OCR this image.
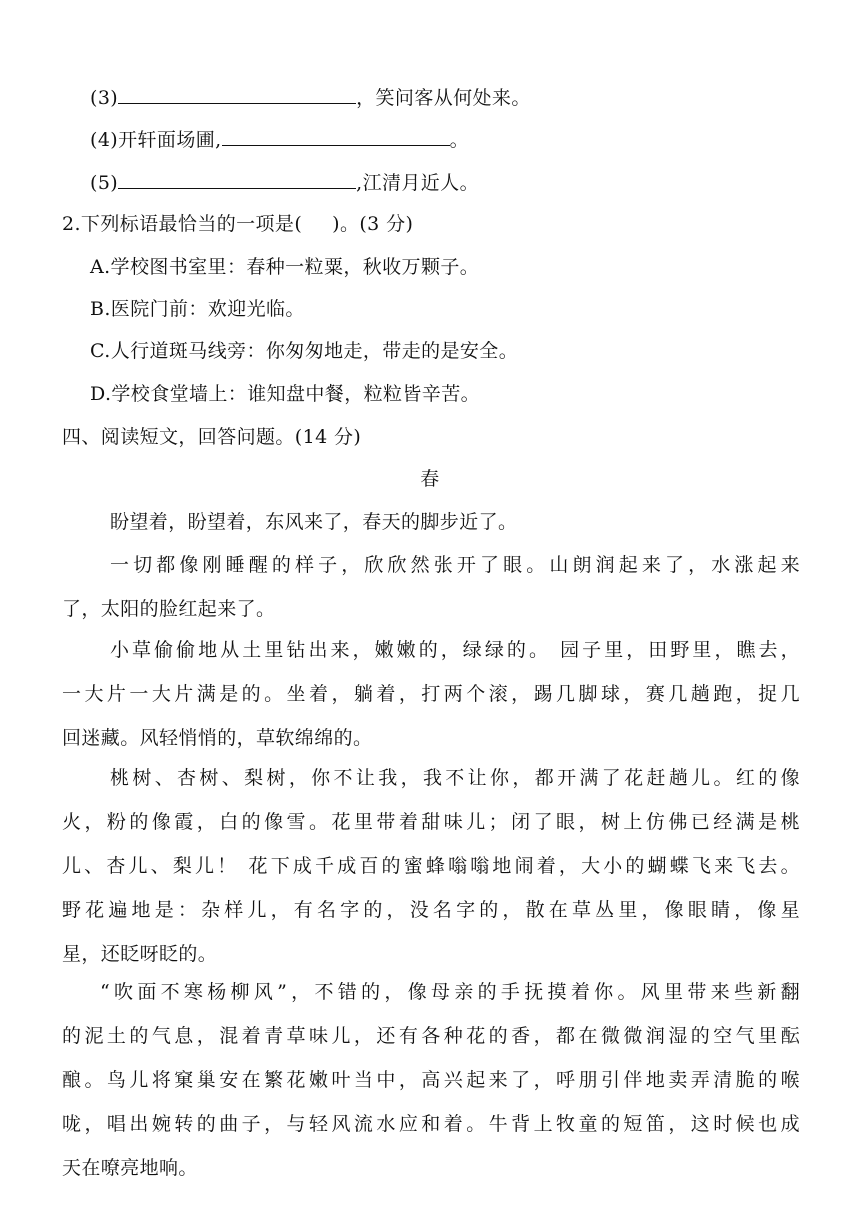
(3)	，笑问客从何处来。
(4)开轩面场圃,	。
(5)	,江清月近人。
2.下列标语最恰当的一项是( )。(3 分)
A.学校图书室里：春种一粒粟，秋收万颗子。
B.医院门前：欢迎光临。
C.人行道斑马线旁：你匆匆地走，带走的是安全。
D.学校食堂墙上：谁知盘中餐，粒粒皆辛苦。
四、阅读短文，回答问题。(14 分)
春
盼望着，盼望着，东风来了，春天的脚步近了。
一切都像刚睡醒的样子，欣欣然张开了眼。山朗润起来了，水涨起来
了，太阳的脸红起来了。
小草偷偷地从土里钻出来，嫩嫩的，绿绿的。 园子里，田野里，瞧去，
一大片一大片满是的。坐着，躺着，打两个滚，踢几脚球，赛几趟跑，捉几
回迷藏。风轻悄悄的，草软绵绵的。
桃树、杏树、梨树，你不让我，我不让你，都开满了花赶趟儿。红的像
火，粉的像霞，白的像雪。花里带着甜味儿；闭了眼，树上仿佛已经满是桃
儿、杏儿、梨儿！ 花下成千成百的蜜蜂嗡嗡地闹着，大小的蝴蝶飞来飞去。
野花遍地是：杂样儿，有名字的，没名字的，散在草丛里，像眼睛，像星
星，还眨呀眨的。
“吹面不寒杨柳风”，不错的，像母亲的手抚摸着你。风里带来些新翻
的泥土的气息，混着青草味儿，还有各种花的香，都在微微润湿的空气里酝
酿。鸟儿将窠巢安在繁花嫩叶当中，高兴起来了，呼朋引伴地卖弄清脆的喉
咙，唱出婉转的曲子，与轻风流水应和着。牛背上牧童的短笛，这时候也成
天在嘹亮地响。
